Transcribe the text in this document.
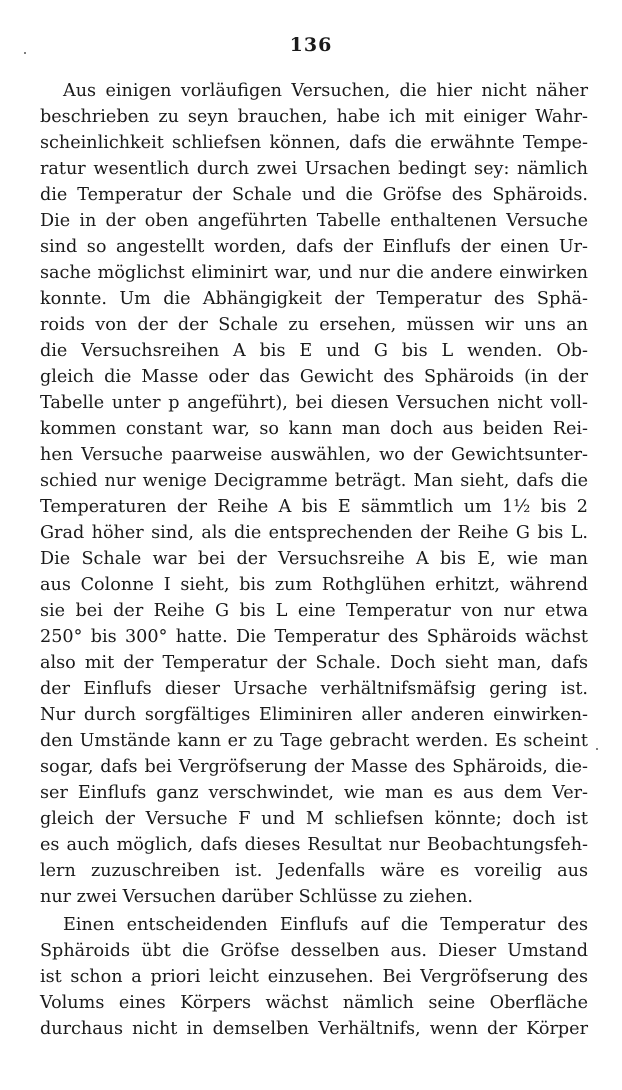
136
Aus einigen vorläufigen Versuchen, die hier nicht näher
beschrieben zu seyn brauchen, habe ich mit einiger Wahr-
scheinlichkeit schliefsen können, dafs die erwähnte Tempe-
ratur wesentlich durch zwei Ursachen bedingt sey: nämlich
die Temperatur der Schale und die Gröfse des Sphäroids.
Die in der oben angeführten Tabelle enthaltenen Versuche
sind so angestellt worden, dafs der Einflufs der einen Ur-
sache möglichst eliminirt war, und nur die andere einwirken
konnte. Um die Abhängigkeit der Temperatur des Sphä-
roids von der der Schale zu ersehen, müssen wir uns an
die Versuchsreihen A bis E und G bis L wenden. Ob-
gleich die Masse oder das Gewicht des Sphäroids (in der
Tabelle unter p angeführt), bei diesen Versuchen nicht voll-
kommen constant war, so kann man doch aus beiden Rei-
hen Versuche paarweise auswählen, wo der Gewichtsunter-
schied nur wenige Decigramme beträgt. Man sieht, dafs die
Temperaturen der Reihe A bis E sämmtlich um 1½ bis 2
Grad höher sind, als die entsprechenden der Reihe G bis L.
Die Schale war bei der Versuchsreihe A bis E, wie man
aus Colonne I sieht, bis zum Rothglühen erhitzt, während
sie bei der Reihe G bis L eine Temperatur von nur etwa
250° bis 300° hatte. Die Temperatur des Sphäroids wächst
also mit der Temperatur der Schale. Doch sieht man, dafs
der Einflufs dieser Ursache verhältnifsmäfsig gering ist.
Nur durch sorgfältiges Eliminiren aller anderen einwirken-
den Umstände kann er zu Tage gebracht werden. Es scheint
sogar, dafs bei Vergröfserung der Masse des Sphäroids, die-
ser Einflufs ganz verschwindet, wie man es aus dem Ver-
gleich der Versuche F und M schliefsen könnte; doch ist
es auch möglich, dafs dieses Resultat nur Beobachtungsfeh-
lern zuzuschreiben ist. Jedenfalls wäre es voreilig aus
nur zwei Versuchen darüber Schlüsse zu ziehen.
Einen entscheidenden Einflufs auf die Temperatur des
Sphäroids übt die Gröfse desselben aus. Dieser Umstand
ist schon a priori leicht einzusehen. Bei Vergröfserung des
Volums eines Körpers wächst nämlich seine Oberfläche
durchaus nicht in demselben Verhältnifs, wenn der Körper
